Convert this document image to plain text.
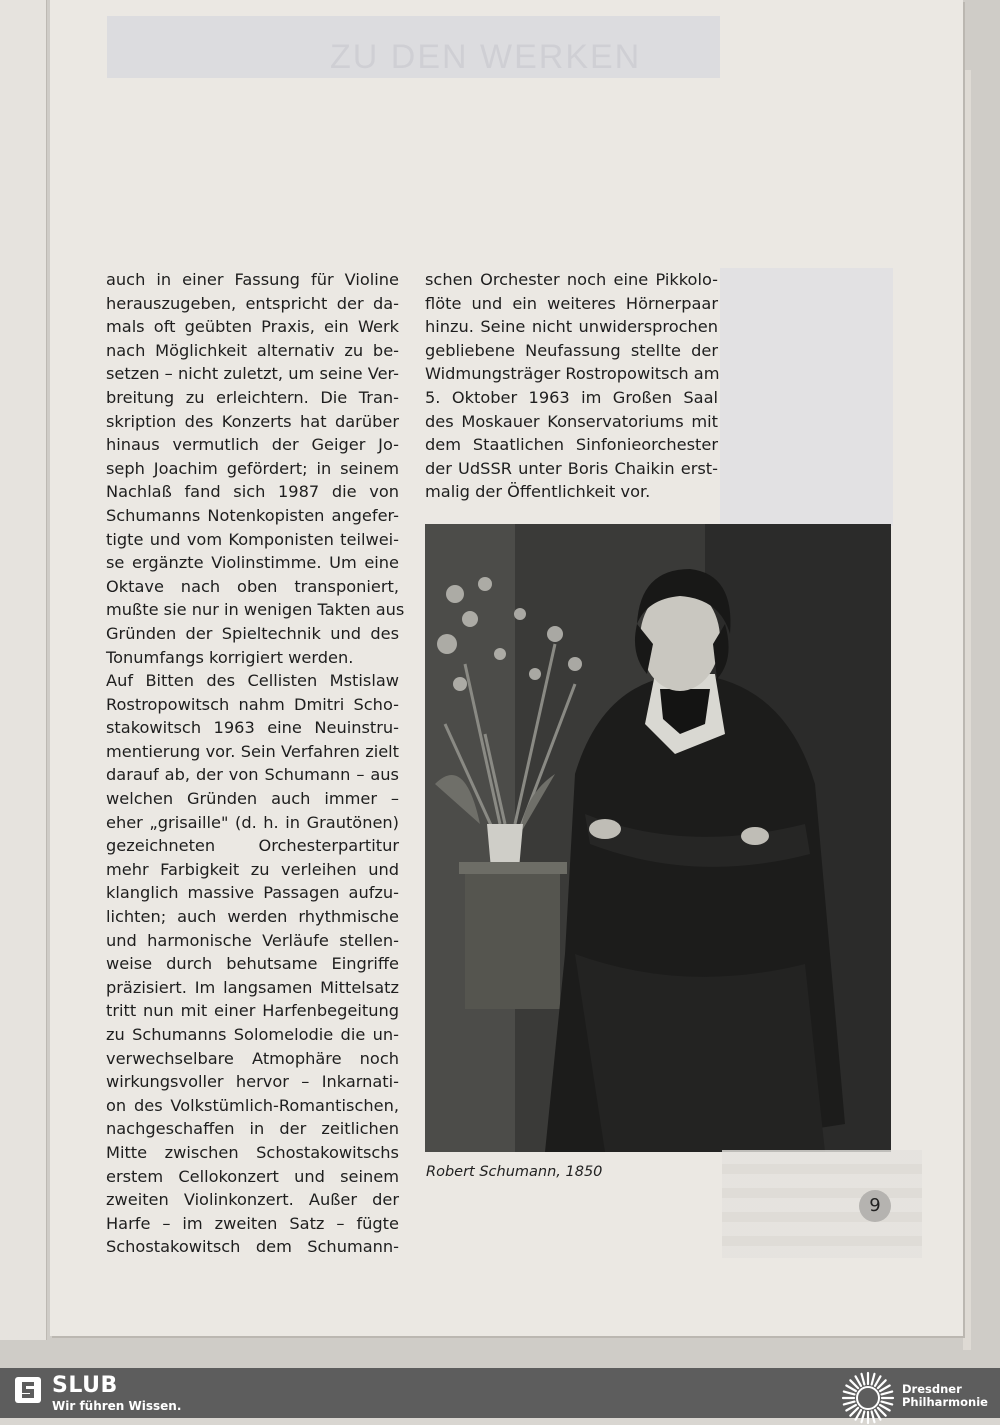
ZU DEN WERKEN
auch in einer Fassung für Violine
herauszugeben, entspricht der da-
mals oft geübten Praxis, ein Werk
nach Möglichkeit alternativ zu be-
setzen – nicht zuletzt, um seine Ver-
breitung zu erleichtern. Die Tran-
skription des Konzerts hat darüber
hinaus vermutlich der Geiger Jo-
seph Joachim gefördert; in seinem
Nachlaß fand sich 1987 die von
Schumanns Notenkopisten angefer-
tigte und vom Komponisten teilwei-
se ergänzte Violinstimme. Um eine
Oktave nach oben transponiert,
mußte sie nur in wenigen Takten aus
Gründen der Spieltechnik und des
Tonumfangs korrigiert werden.
Auf Bitten des Cellisten Mstislaw
Rostropowitsch nahm Dmitri Scho-
stakowitsch 1963 eine Neuinstru-
mentierung vor. Sein Verfahren zielt
darauf ab, der von Schumann – aus
welchen Gründen auch immer –
eher „grisaille" (d. h. in Grautönen)
gezeichneten Orchesterpartitur
mehr Farbigkeit zu verleihen und
klanglich massive Passagen aufzu-
lichten; auch werden rhythmische
und harmonische Verläufe stellen-
weise durch behutsame Eingriffe
präzisiert. Im langsamen Mittelsatz
tritt nun mit einer Harfenbegeitung
zu Schumanns Solomelodie die un-
verwechselbare Atmophäre noch
wirkungsvoller hervor – Inkarnati-
on des Volkstümlich-Romantischen,
nachgeschaffen in der zeitlichen
Mitte zwischen Schostakowitschs
erstem Cellokonzert und seinem
zweiten Violinkonzert. Außer der
Harfe – im zweiten Satz – fügte
Schostakowitsch dem Schumann-
schen Orchester noch eine Pikkolo-
flöte und ein weiteres Hörnerpaar
hinzu. Seine nicht unwidersprochen
gebliebene Neufassung stellte der
Widmungsträger Rostropowitsch am
5. Oktober 1963 im Großen Saal
des Moskauer Konservatoriums mit
dem Staatlichen Sinfonieorchester
der UdSSR unter Boris Chaikin erst-
malig der Öffentlichkeit vor.
Robert Schumann, 1850
9
SLUB
Wir führen Wissen.
Dresdner
Philharmonie
